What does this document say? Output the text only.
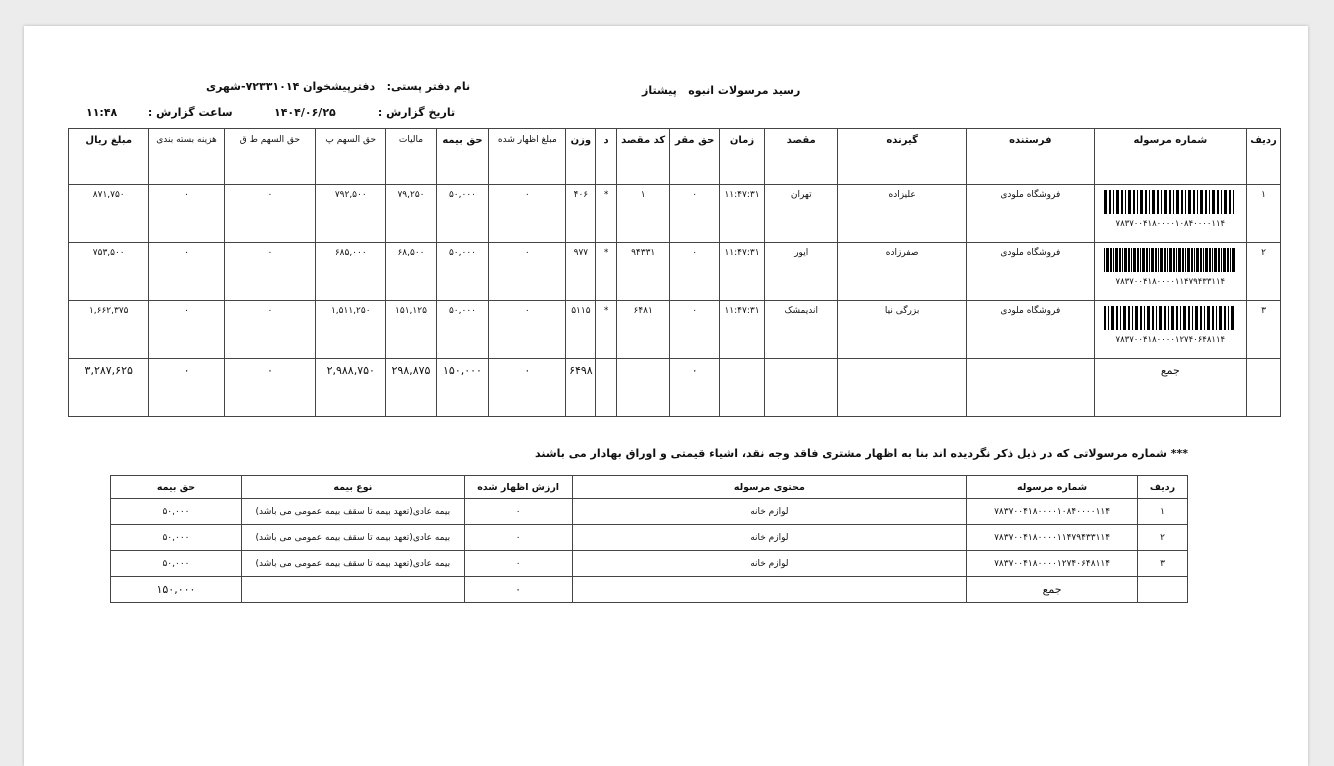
رسید مرسولات انبوه   پیشتاز
نام دفتر پستی:   دفترپیشخوان ۷۲۳۳۱۰۱۴-شهری
تاریخ گزارش :           ۱۴۰۴/۰۶/۲۵
ساعت گزارش :        ۱۱:۴۸
ردیف	شماره مرسوله	فرستنده	گیرنده	مقصد	زمان	حق مقر	کد مقصد	د	وزن	مبلغ اظهار شده	حق بیمه	مالیات	حق السهم پ	حق السهم ط ق	هزینه بسته بندی	مبلغ ریال
۱	۷۸۳۷۰۰۴۱۸۰۰۰۰۱۰۸۴۰۰۰۰۱۱۴	فروشگاه ملودی	علیزاده	تهران	۱۱:۴۷:۳۱	۰	۱	*	۴۰۶	۰	۵۰,۰۰۰	۷۹,۲۵۰	۷۹۲,۵۰۰	۰	۰	۸۷۱,۷۵۰
۲	۷۸۳۷۰۰۴۱۸۰۰۰۰۱۱۴۷۹۴۳۳۱۱۴	فروشگاه ملودی	صفرزاده	ایور	۱۱:۴۷:۳۱	۰	۹۴۳۳۱	*	۹۷۷	۰	۵۰,۰۰۰	۶۸,۵۰۰	۶۸۵,۰۰۰	۰	۰	۷۵۳,۵۰۰
۳	۷۸۳۷۰۰۴۱۸۰۰۰۰۱۲۷۴۰۶۴۸۱۱۴	فروشگاه ملودی	بزرگی نیا	اندیمشک	۱۱:۴۷:۳۱	۰	۶۴۸۱	*	۵۱۱۵	۰	۵۰,۰۰۰	۱۵۱,۱۲۵	۱,۵۱۱,۲۵۰	۰	۰	۱,۶۶۲,۳۷۵
	جمع					۰			۶۴۹۸	۰	۱۵۰,۰۰۰	۲۹۸,۸۷۵	۲,۹۸۸,۷۵۰	۰	۰	۳,۲۸۷,۶۲۵
*** شماره مرسولاتی که در ذیل ذکر نگردیده اند بنا به اظهار مشتری فاقد وجه نقد، اشیاء قیمتی و اوراق بهادار می باشند
ردیف	شماره مرسوله	محتوی مرسوله	ارزش اظهار شده	نوع بیمه	حق بیمه
۱	۷۸۳۷۰۰۴۱۸۰۰۰۰۱۰۸۴۰۰۰۰۱۱۴	لوازم خانه	۰	بیمه عادی(تعهد بیمه تا سقف بیمه عمومی می باشد)	۵۰,۰۰۰
۲	۷۸۳۷۰۰۴۱۸۰۰۰۰۱۱۴۷۹۴۳۳۱۱۴	لوازم خانه	۰	بیمه عادی(تعهد بیمه تا سقف بیمه عمومی می باشد)	۵۰,۰۰۰
۳	۷۸۳۷۰۰۴۱۸۰۰۰۰۱۲۷۴۰۶۴۸۱۱۴	لوازم خانه	۰	بیمه عادی(تعهد بیمه تا سقف بیمه عمومی می باشد)	۵۰,۰۰۰
	جمع		۰		۱۵۰,۰۰۰
